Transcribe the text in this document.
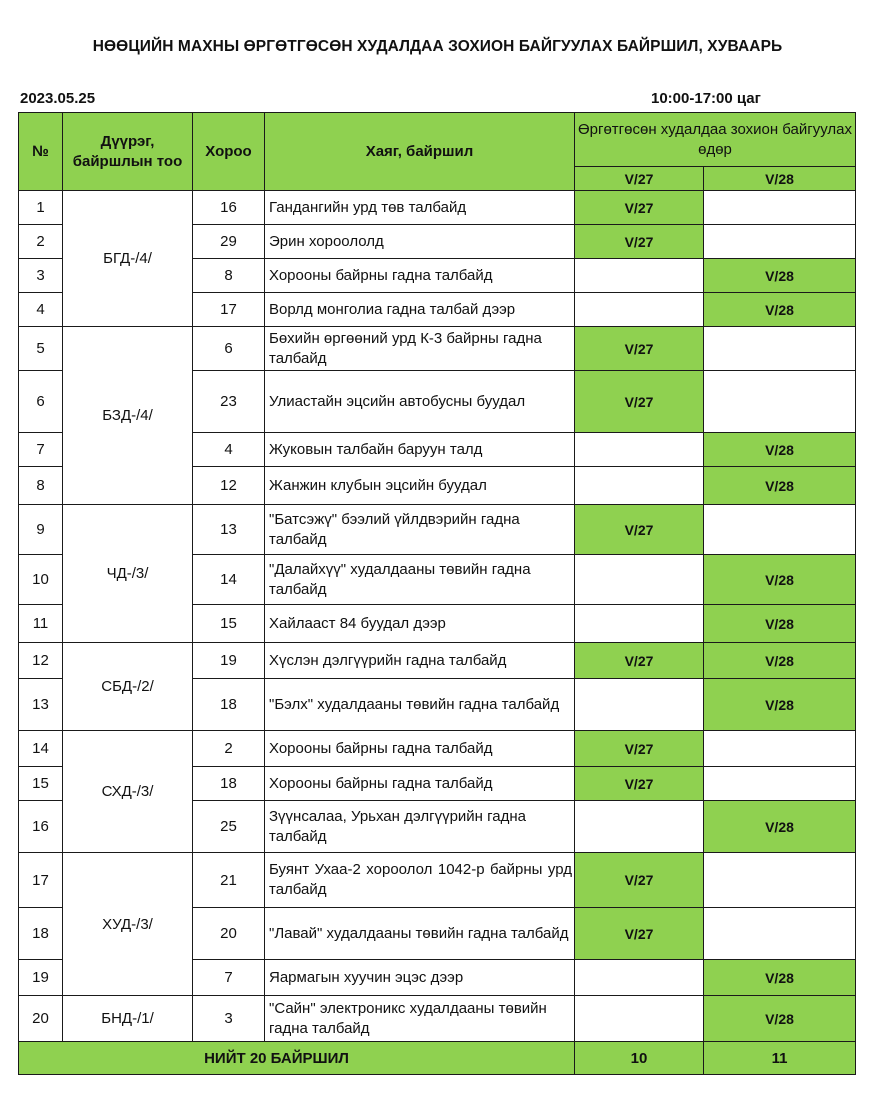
НӨӨЦИЙН МАХНЫ ӨРГӨТГӨСӨН ХУДАЛДАА ЗОХИОН БАЙГУУЛАХ БАЙРШИЛ, ХУВААРЬ
2023.05.25	10:00-17:00 цаг
№	Дүүрэг, байршлын тоо	Хороо	Хаяг, байршил	Өргөтгөсөн худалдаа зохион байгуулах өдөр	
				V/27	V/28
1	БГД-/4/	16	Гандангийн урд төв талбайд	V/27	
2		29	Эрин хороололд	V/27	
3		8	Хорооны байрны гадна талбайд		V/28
4		17	Ворлд монголиа гадна талбай дээр		V/28
5	БЗД-/4/	6	Бөхийн өргөөний урд К-3 байрны гадна талбайд	V/27	
6		23	Улиастайн эцсийн автобусны буудал	V/27	
7		4	Жуковын талбайн баруун талд		V/28
8		12	Жанжин клубын эцсийн буудал		V/28
9	ЧД-/3/	13	"Батсэжү" бээлий үйлдвэрийн гадна талбайд	V/27	
10		14	"Далайхүү" худалдааны төвийн гадна талбайд		V/28
11		15	Хайлааст 84 буудал дээр		V/28
12	СБД-/2/	19	Хүслэн дэлгүүрийн гадна талбайд	V/27	V/28
13		18	"Бэлх" худалдааны төвийн гадна талбайд		V/28
14	СХД-/3/	2	Хорооны байрны гадна талбайд	V/27	
15		18	Хорооны байрны гадна талбайд	V/27	
16		25	Зүүнсалаа, Урьхан дэлгүүрийн гадна талбайд		V/28
17	ХУД-/3/	21	Буянт Ухаа-2 хороолол 1042-р байрны урд талбайд	V/27	
18		20	"Лавай" худалдааны төвийн гадна талбайд	V/27	
19		7	Яармагын хуучин эцэс дээр		V/28
20	БНД-/1/	3	"Сайн" электроникс худалдааны төвийн гадна талбайд		V/28
НИЙТ 20 БАЙРШИЛ				10	11
